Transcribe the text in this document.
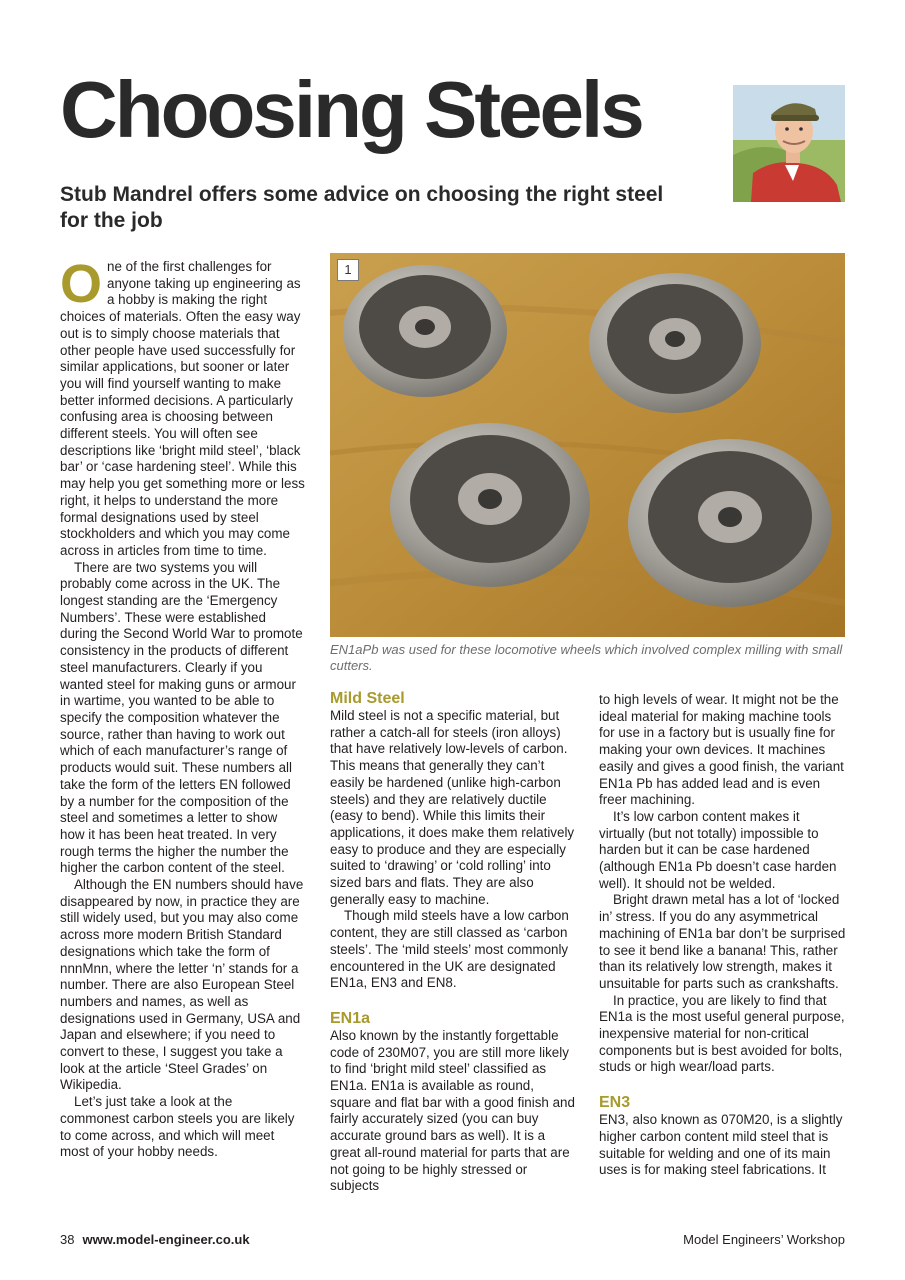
Choosing Steels
Stub Mandrel offers some advice on choosing the right steel for the job

One of the first challenges for anyone taking up engineering as a hobby is making the right choices of materials. Often the easy way out is to simply choose materials that other people have used successfully for similar applications, but sooner or later you will find yourself wanting to make better informed decisions. A particularly confusing area is choosing between different steels. You will often see descriptions like ‘bright mild steel’, ‘black bar’ or ‘case hardening steel’. While this may help you get something more or less right, it helps to understand the more formal designations used by steel stockholders and which you may come across in articles from time to time.

There are two systems you will probably come across in the UK. The longest standing are the ‘Emergency Numbers’. These were established during the Second World War to promote consistency in the products of different steel manufacturers. Clearly if you wanted steel for making guns or armour in wartime, you wanted to be able to specify the composition whatever the source, rather than having to work out which of each manufacturer’s range of products would suit. These numbers all take the form of the letters EN followed by a number for the composition of the steel and sometimes a letter to show how it has been heat treated. In very rough terms the higher the number the higher the carbon content of the steel.

Although the EN numbers should have disappeared by now, in practice they are still widely used, but you may also come across more modern British Standard designations which take the form of nnnMnn, where the letter ‘n’ stands for a number. There are also European Steel numbers and names, as well as designations used in Germany, USA and Japan and elsewhere; if you need to convert to these, I suggest you take a look at the article ‘Steel Grades’ on Wikipedia.

Let’s just take a look at the commonest carbon steels you are likely to come across, and which will meet most of your hobby needs.

1

EN1aPb was used for these locomotive wheels which involved complex milling with small cutters.

Mild Steel

Mild steel is not a specific material, but rather a catch-all for steels (iron alloys) that have relatively low-levels of carbon. This means that generally they can’t easily be hardened (unlike high-carbon steels) and they are relatively ductile (easy to bend). While this limits their applications, it does make them relatively easy to produce and they are especially suited to ‘drawing’ or ‘cold rolling’ into sized bars and flats. They are also generally easy to machine.

Though mild steels have a low carbon content, they are still classed as ‘carbon steels’. The ‘mild steels’ most commonly encountered in the UK are designated EN1a, EN3 and EN8.

EN1a

Also known by the instantly forgettable code of 230M07, you are still more likely to find ‘bright mild steel’ classified as EN1a. EN1a is available as round, square and flat bar with a good finish and fairly accurately sized (you can buy accurate ground bars as well). It is a great all-round material for parts that are not going to be highly stressed or subjects

to high levels of wear. It might not be the ideal material for making machine tools for use in a factory but is usually fine for making your own devices. It machines easily and gives a good finish, the variant EN1a Pb has added lead and is even freer machining.

It’s low carbon content makes it virtually (but not totally) impossible to harden but it can be case hardened (although EN1a Pb doesn’t case harden well). It should not be welded.

Bright drawn metal has a lot of ‘locked in’ stress. If you do any asymmetrical machining of EN1a bar don’t be surprised to see it bend like a banana! This, rather than its relatively low strength, makes it unsuitable for parts such as crankshafts.

In practice, you are likely to find that EN1a is the most useful general purpose, inexpensive material for non-critical components but is best avoided for bolts, studs or high wear/load parts.

EN3

EN3, also known as 070M20, is a slightly higher carbon content mild steel that is suitable for welding and one of its main uses is for making steel fabrications. It

38 www.model-engineer.co.uk	Model Engineers’ Workshop
